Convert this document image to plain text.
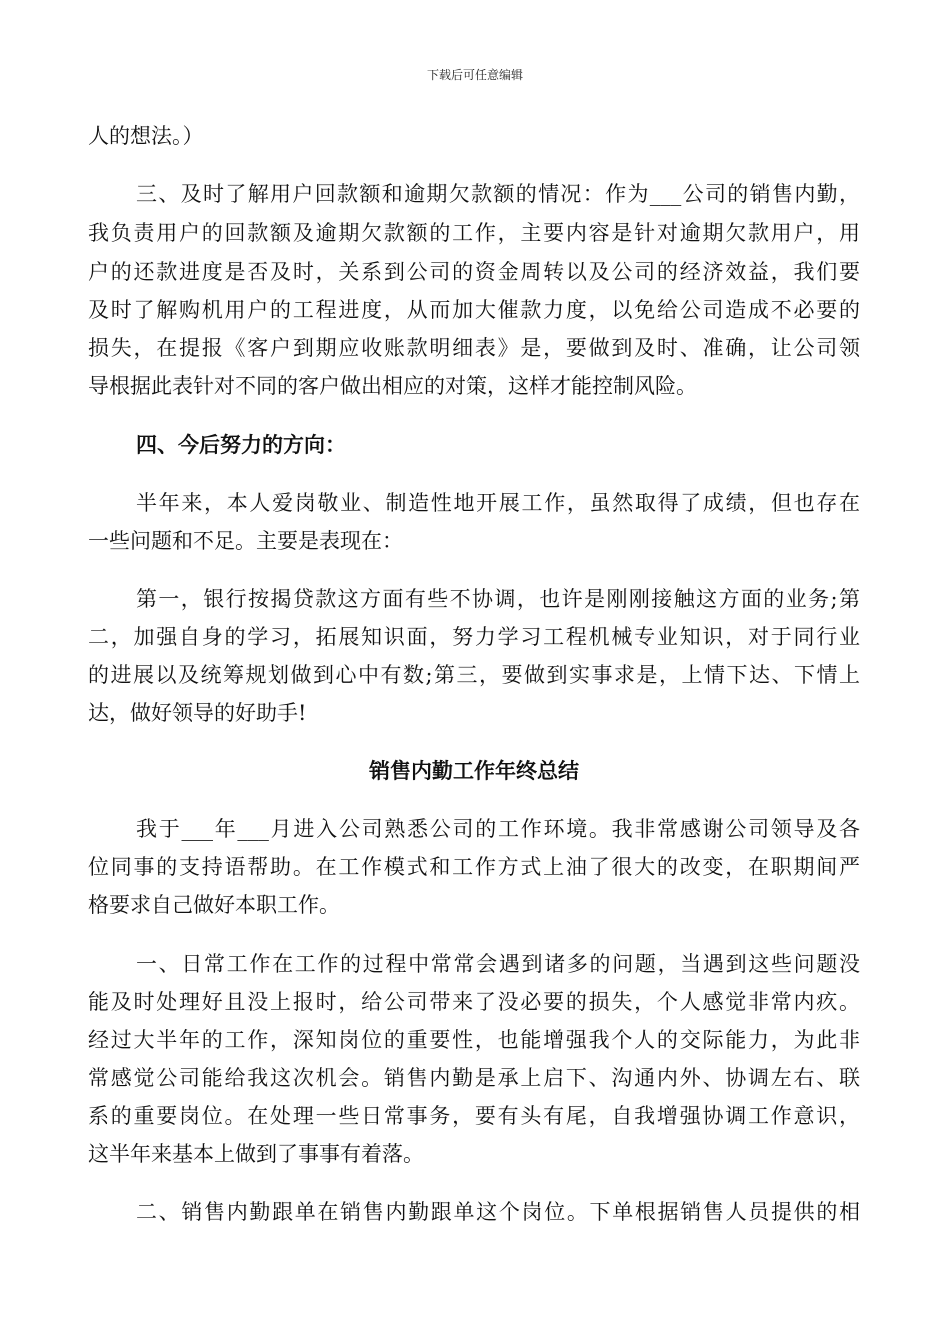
下载后可任意编辑
人的想法。）
三、及时了解用户回款额和逾期欠款额的情况：作为___公司的销售内勤，
我负责用户的回款额及逾期欠款额的工作，主要内容是针对逾期欠款用户，用
户的还款进度是否及时，关系到公司的资金周转以及公司的经济效益，我们要
及时了解购机用户的工程进度，从而加大催款力度，以免给公司造成不必要的
损失，在提报《客户到期应收账款明细表》是，要做到及时、准确，让公司领
导根据此表针对不同的客户做出相应的对策，这样才能控制风险。
四、今后努力的方向：
半年来，本人爱岗敬业、制造性地开展工作，虽然取得了成绩，但也存在
一些问题和不足。主要是表现在：
第一，银行按揭贷款这方面有些不协调，也许是刚刚接触这方面的业务;第
二，加强自身的学习，拓展知识面，努力学习工程机械专业知识，对于同行业
的进展以及统筹规划做到心中有数;第三，要做到实事求是，上情下达、下情上
达，做好领导的好助手!
销售内勤工作年终总结
我于___年___月进入公司熟悉公司的工作环境。我非常感谢公司领导及各
位同事的支持语帮助。在工作模式和工作方式上油了很大的改变，在职期间严
格要求自己做好本职工作。
一、日常工作在工作的过程中常常会遇到诸多的问题，当遇到这些问题没
能及时处理好且没上报时，给公司带来了没必要的损失，个人感觉非常内疚。
经过大半年的工作，深知岗位的重要性，也能增强我个人的交际能力，为此非
常感觉公司能给我这次机会。销售内勤是承上启下、沟通内外、协调左右、联
系的重要岗位。在处理一些日常事务，要有头有尾，自我增强协调工作意识，
这半年来基本上做到了事事有着落。
二、销售内勤跟单在销售内勤跟单这个岗位。下单根据销售人员提供的相
